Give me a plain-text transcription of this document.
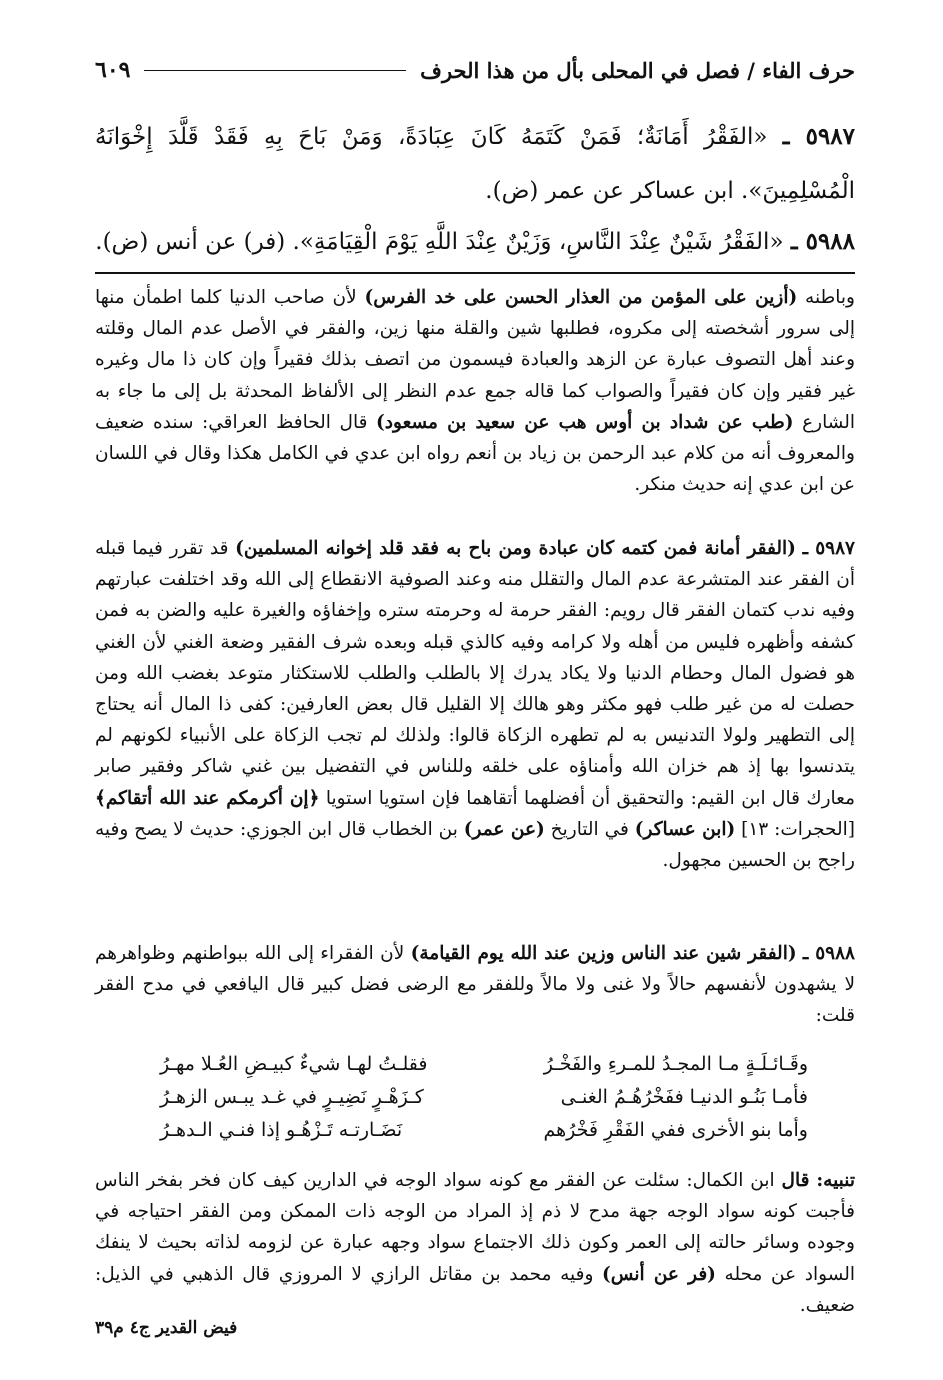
حرف الفاء / فصل في المحلى بأل من هذا الحرف
٦٠٩
٥٩٨٧ ـ «الفَقْرُ أَمَانَةٌ؛ فَمَنْ كَتَمَهُ كَانَ عِبَادَةً، وَمَنْ بَاحَ بِهِ فَقَدْ قَلَّدَ إِخْوَانَهُ الْمُسْلِمِينَ». ابن عساكر عن عمر (ض).
٥٩٨٨ ـ «الفَقْرُ شَيْنٌ عِنْدَ النَّاسِ، وَزَيْنٌ عِنْدَ اللَّهِ يَوْمَ الْقِيَامَةِ». (فر) عن أنس (ض).
وباطنه (أزين على المؤمن من العذار الحسن على خد الفرس) لأن صاحب الدنيا كلما اطمأن منها إلى سرور أشخصته إلى مكروه، فطلبها شين والقلة منها زين، والفقر في الأصل عدم المال وقلته وعند أهل التصوف عبارة عن الزهد والعبادة فيسمون من اتصف بذلك فقيراً وإن كان ذا مال وغيره غير فقير وإن كان فقيراً والصواب كما قاله جمع عدم النظر إلى الألفاظ المحدثة بل إلى ما جاء به الشارع (طب عن شداد بن أوس هب عن سعيد بن مسعود) قال الحافظ العراقي: سنده ضعيف والمعروف أنه من كلام عبد الرحمن بن زياد بن أنعم رواه ابن عدي في الكامل هكذا وقال في اللسان عن ابن عدي إنه حديث منكر.
٥٩٨٧ ـ (الفقر أمانة فمن كتمه كان عبادة ومن باح به فقد قلد إخوانه المسلمين) قد تقرر فيما قبله أن الفقر عند المتشرعة عدم المال والتقلل منه وعند الصوفية الانقطاع إلى الله وقد اختلفت عبارتهم وفيه ندب كتمان الفقر قال رويم: الفقر حرمة له وحرمته ستره وإخفاؤه والغيرة عليه والضن به فمن كشفه وأظهره فليس من أهله ولا كرامه وفيه كالذي قبله وبعده شرف الفقير وضعة الغني لأن الغني هو فضول المال وحطام الدنيا ولا يكاد يدرك إلا بالطلب والطلب للاستكثار متوعد بغضب الله ومن حصلت له من غير طلب فهو مكثر وهو هالك إلا القليل قال بعض العارفين: كفى ذا المال أنه يحتاج إلى التطهير ولولا التدنيس به لم تطهره الزكاة قالوا: ولذلك لم تجب الزكاة على الأنبياء لكونهم لم يتدنسوا بها إذ هم خزان الله وأمناؤه على خلقه وللناس في التفضيل بين غني شاكر وفقير صابر معارك قال ابن القيم: والتحقيق أن أفضلهما أتقاهما فإن استويا استويا ﴿إن أكرمكم عند الله أتقاكم﴾ [الحجرات: ١٣] (ابن عساكر) في التاريخ (عن عمر) بن الخطاب قال ابن الجوزي: حديث لا يصح وفيه راجح بن الحسين مجهول.
٥٩٨٨ ـ (الفقر شين عند الناس وزين عند الله يوم القيامة) لأن الفقراء إلى الله ببواطنهم وظواهرهم لا يشهدون لأنفسهم حالاً ولا غنى ولا مالاً وللفقر مع الرضى فضل كبير قال اليافعي في مدح الفقر قلت:
وقَـائـلَـةٍ مـا المجـدُ للمـرءِ والفَخْـرُ
فقلـتُ لهـا شيءٌ كبيـضِ العُـلا مهـرُ
فأمـا بَنُـو الدنيـا ففَخْرُهُـمُ الغنـى
كـزَهْـرٍ نَضِيـرٍ في غـد يبـس الزهـرُ
وأما بنو الأخرى ففي الفَقْرِ فَخْرُهم
نَضَـارتـه تَـزْهُـو إذا فنـي الـدهـرُ
تنبيه: قال ابن الكمال: سئلت عن الفقر مع كونه سواد الوجه في الدارين كيف كان فخر بفخر الناس فأجبت كونه سواد الوجه جهة مدح لا ذم إذ المراد من الوجه ذات الممكن ومن الفقر احتياجه في وجوده وسائر حالته إلى العمر وكون ذلك الاجتماع سواد وجهه عبارة عن لزومه لذاته بحيث لا ينفك السواد عن محله (فر عن أنس) وفيه محمد بن مقاتل الرازي لا المروزي قال الذهبي في الذيل: ضعيف.
فيض القدير ج٤ م٣٩
